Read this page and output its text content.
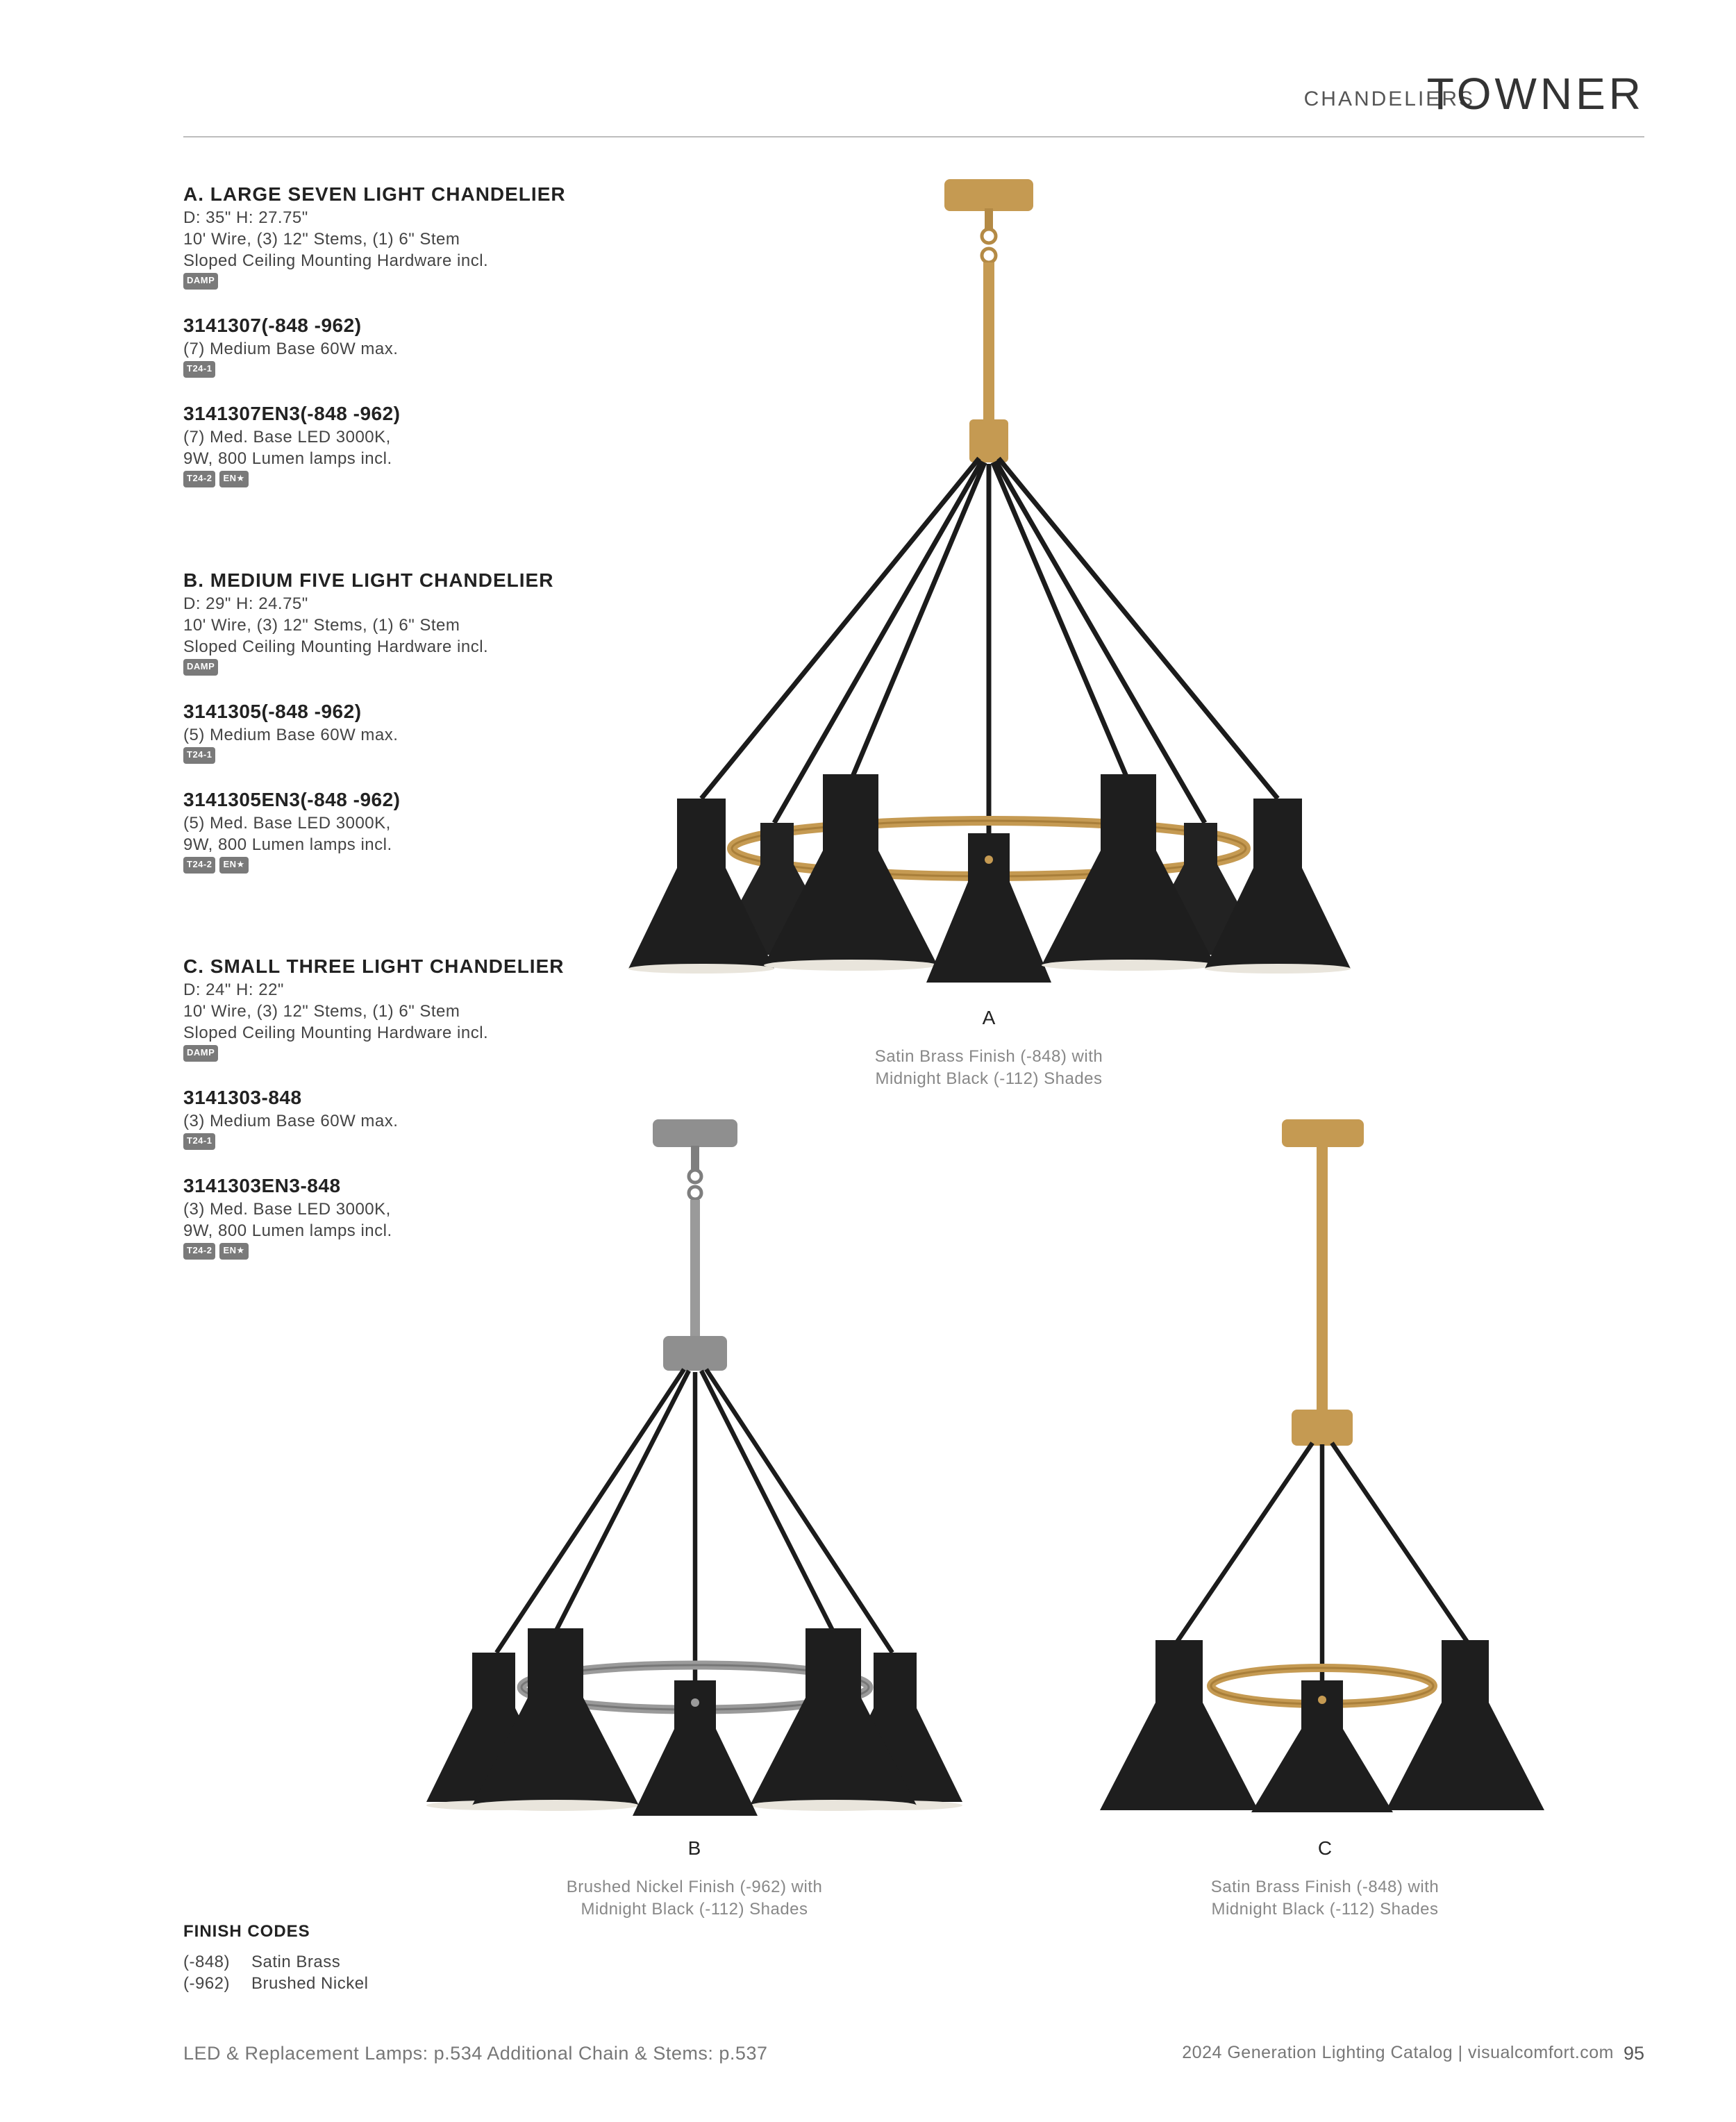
CHANDELIERS
TOWNER

A. LARGE SEVEN LIGHT CHANDELIER

D: 35" H: 27.75"

10' Wire, (3) 12" Stems, (1) 6" Stem

Sloped Ceiling Mounting Hardware incl.

DAMP

3141307(-848 -962)

(7) Medium Base 60W max.

T24-1

3141307EN3(-848 -962)

(7) Med. Base LED 3000K,

9W, 800 Lumen lamps incl.

T24-2	EN★

B. MEDIUM FIVE LIGHT CHANDELIER

D: 29" H: 24.75"

10' Wire, (3) 12" Stems, (1) 6" Stem

Sloped Ceiling Mounting Hardware incl.

DAMP

3141305(-848 -962)

(5) Medium Base 60W max.

T24-1

3141305EN3(-848 -962)

(5) Med. Base LED 3000K,

9W, 800 Lumen lamps incl.

T24-2	EN★

C. SMALL THREE LIGHT CHANDELIER

D: 24" H: 22"

10' Wire, (3) 12" Stems, (1) 6" Stem

Sloped Ceiling Mounting Hardware incl.

DAMP

3141303-848

(3) Medium Base 60W max.

T24-1

3141303EN3-848

(3) Med. Base LED 3000K,

9W, 800 Lumen lamps incl.

T24-2	EN★
A
Satin Brass Finish (-848) with
Midnight Black (-112) Shades
B
Brushed Nickel Finish (-962) with
Midnight Black (-112) Shades
C
Satin Brass Finish (-848) with
Midnight Black (-112) Shades
FINISH CODES
(-848) Satin Brass
(-962) Brushed Nickel
LED & Replacement Lamps: p.534 Additional Chain & Stems: p.537	2024 Generation Lighting Catalog | visualcomfort.com 95
